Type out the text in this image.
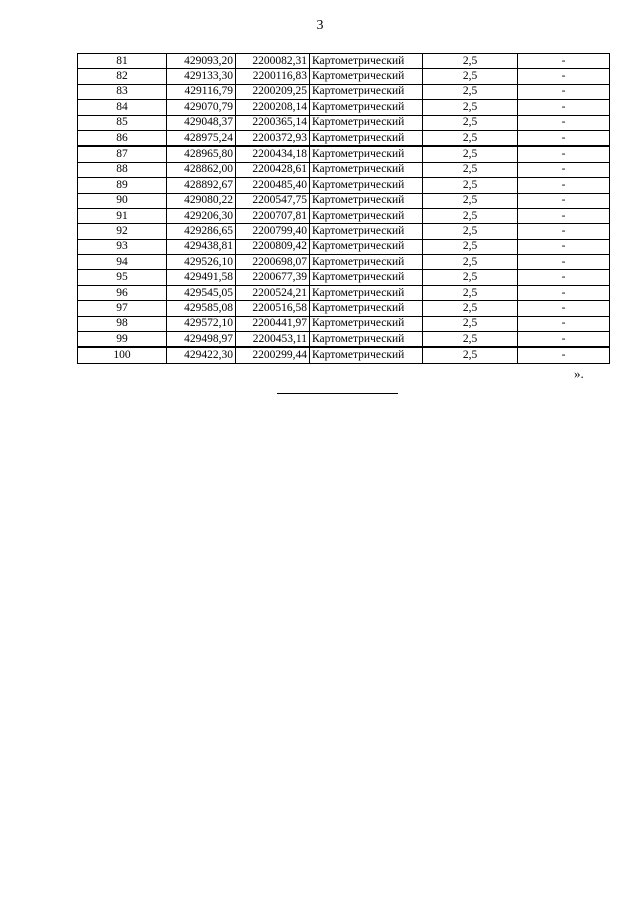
3
81	429093,20	2200082,31	Картометрический	2,5	-
82	429133,30	2200116,83	Картометрический	2,5	-
83	429116,79	2200209,25	Картометрический	2,5	-
84	429070,79	2200208,14	Картометрический	2,5	-
85	429048,37	2200365,14	Картометрический	2,5	-
86	428975,24	2200372,93	Картометрический	2,5	-
87	428965,80	2200434,18	Картометрический	2,5	-
88	428862,00	2200428,61	Картометрический	2,5	-
89	428892,67	2200485,40	Картометрический	2,5	-
90	429080,22	2200547,75	Картометрический	2,5	-
91	429206,30	2200707,81	Картометрический	2,5	-
92	429286,65	2200799,40	Картометрический	2,5	-
93	429438,81	2200809,42	Картометрический	2,5	-
94	429526,10	2200698,07	Картометрический	2,5	-
95	429491,58	2200677,39	Картометрический	2,5	-
96	429545,05	2200524,21	Картометрический	2,5	-
97	429585,08	2200516,58	Картометрический	2,5	-
98	429572,10	2200441,97	Картометрический	2,5	-
99	429498,97	2200453,11	Картометрический	2,5	-
100	429422,30	2200299,44	Картометрический	2,5	-
».
